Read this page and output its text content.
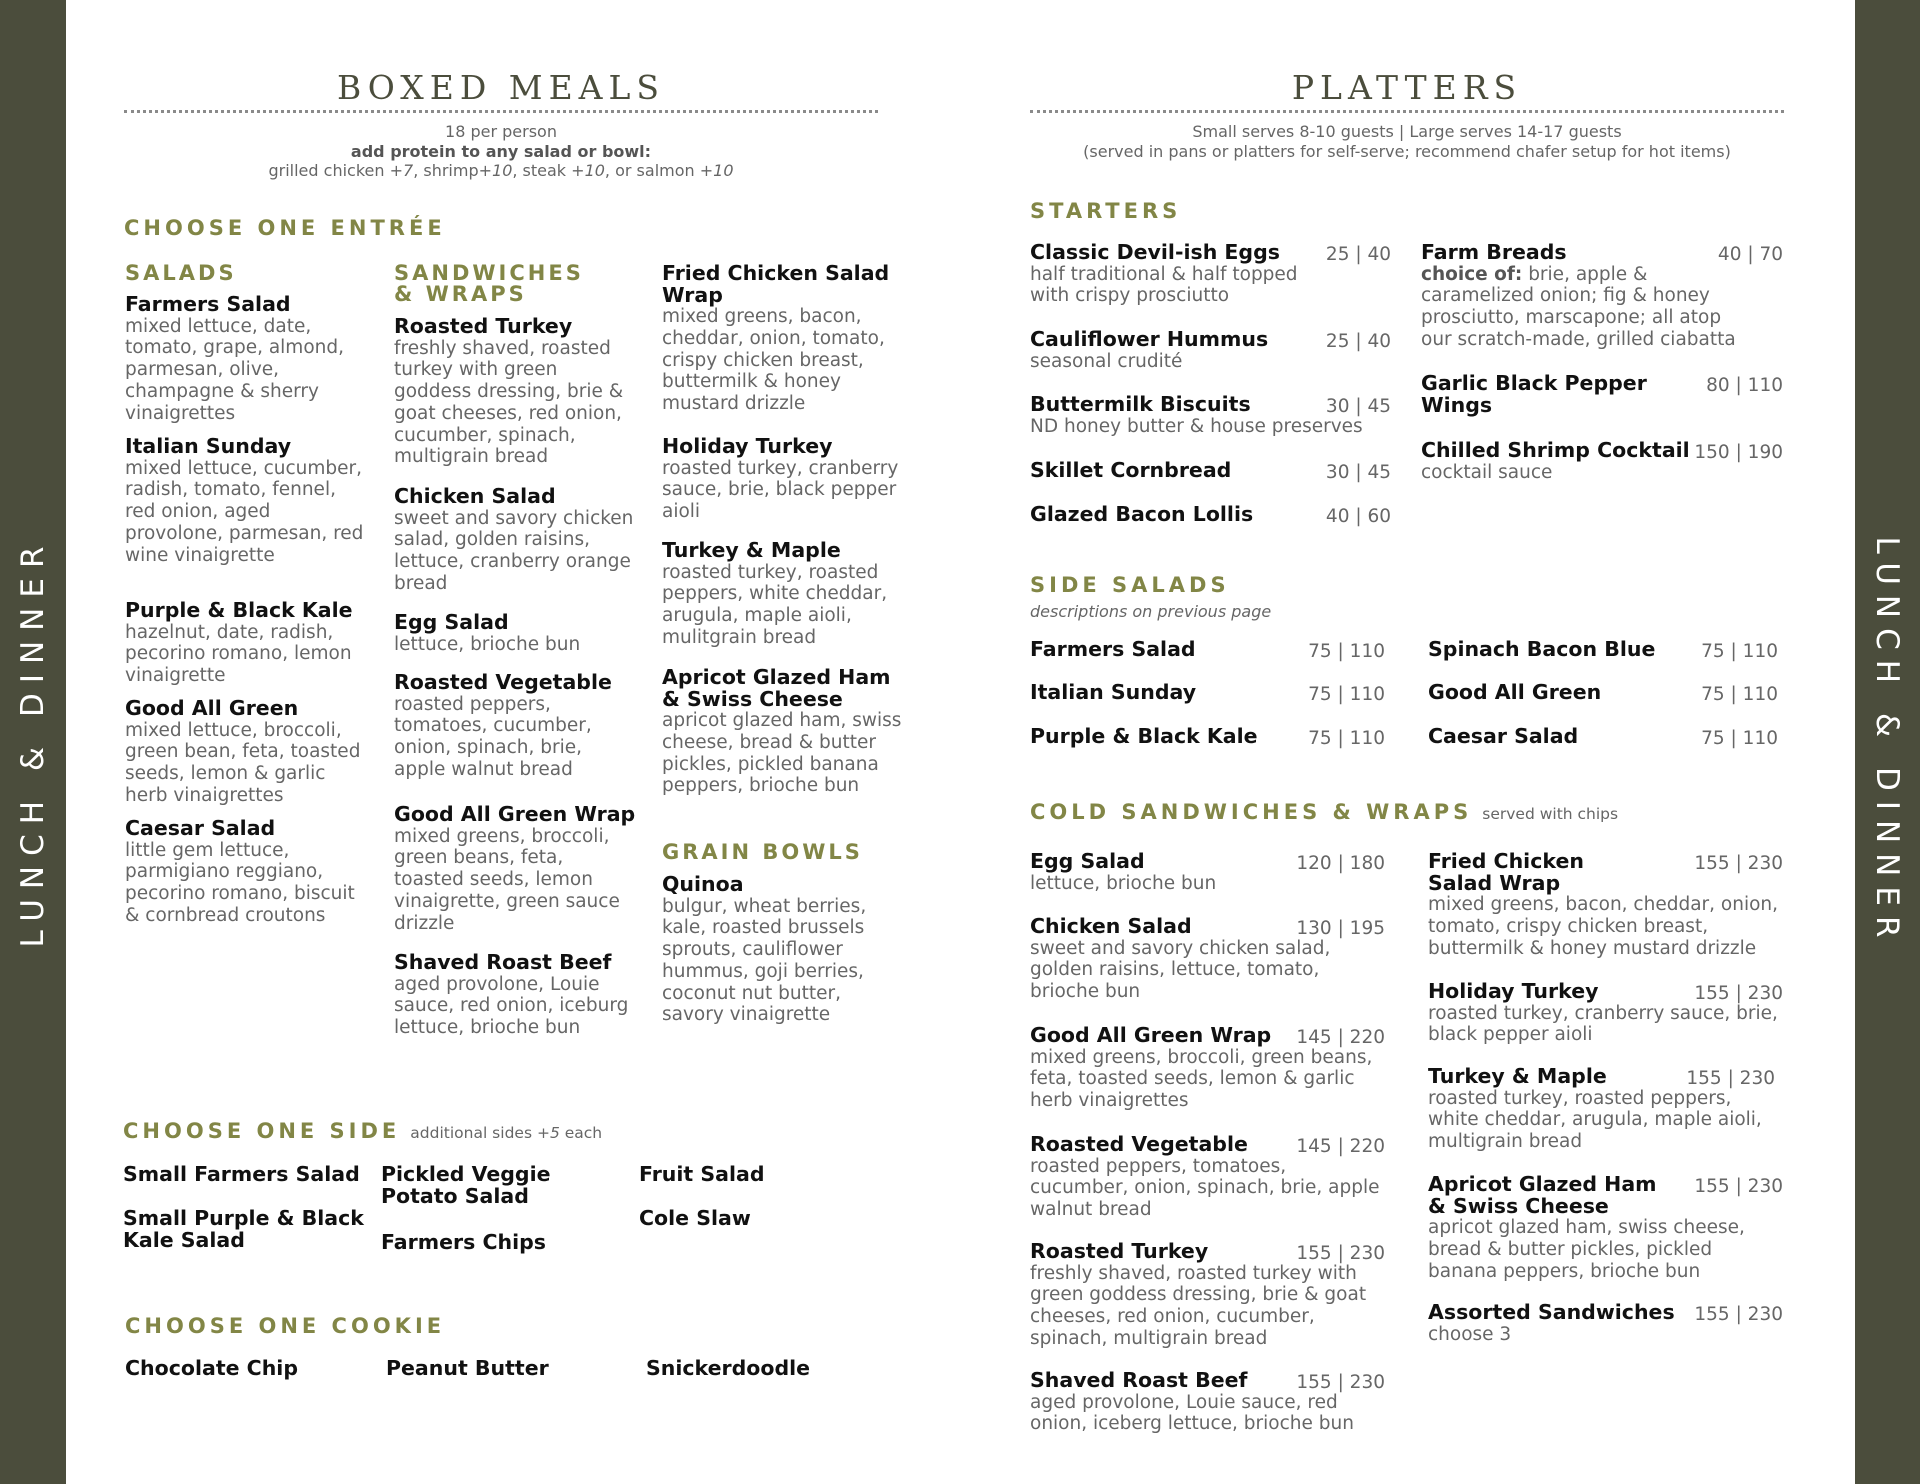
LUNCH & DINNER	LUNCH & DINNER
BOXED MEALS
18 per person
add protein to any salad or bowl:
grilled chicken +7, shrimp+10, steak +10, or salmon +10
CHOOSE ONE ENTRÉE
SALADS
Farmers Salad
mixed lettuce, date, tomato, grape, almond, parmesan, olive, champagne & sherry vinaigrettes
Italian Sunday
mixed lettuce, cucumber, radish, tomato, fennel, red onion, aged provolone, parmesan, red wine vinaigrette
Purple & Black Kale
hazelnut, date, radish, pecorino romano, lemon vinaigrette
Good All Green
mixed lettuce, broccoli, green bean, feta, toasted seeds, lemon & garlic herb vinaigrettes
Caesar Salad
little gem lettuce, parmigiano reggiano, pecorino romano, biscuit & cornbread croutons
SANDWICHES
& WRAPS
Roasted Turkey
freshly shaved, roasted turkey with green goddess dressing, brie & goat cheeses, red onion, cucumber, spinach, multigrain bread
Chicken Salad
sweet and savory chicken salad, golden raisins, lettuce, cranberry orange bread
Egg Salad
lettuce, brioche bun
Roasted Vegetable
roasted peppers, tomatoes, cucumber, onion, spinach, brie, apple walnut bread
Good All Green Wrap
mixed greens, broccoli, green beans, feta, toasted seeds, lemon vinaigrette, green sauce drizzle
Shaved Roast Beef
aged provolone, Louie sauce, red onion, iceburg lettuce, brioche bun
Fried Chicken Salad Wrap
mixed greens, bacon, cheddar, onion, tomato, crispy chicken breast, buttermilk & honey mustard drizzle
Holiday Turkey
roasted turkey, cranberry sauce, brie, black pepper aioli
Turkey & Maple
roasted turkey, roasted peppers, white cheddar, arugula, maple aioli, mulitgrain bread
Apricot Glazed Ham & Swiss Cheese
apricot glazed ham, swiss cheese, bread & butter pickles, pickled banana peppers, brioche bun
GRAIN BOWLS
Quinoa
bulgur, wheat berries, kale, roasted brussels sprouts, cauliflower hummus, goji berries, coconut nut butter, savory vinaigrette
CHOOSE ONE SIDE additional sides +5 each
Small Farmers Salad
Small Purple & Black Kale Salad
Pickled Veggie Potato Salad
Farmers Chips
Fruit Salad
Cole Slaw
CHOOSE ONE COOKIE
Chocolate Chip	Peanut Butter	Snickerdoodle
PLATTERS
Small serves 8-10 guests | Large serves 14-17 guests
(served in pans or platters for self-serve; recommend chafer setup for hot items)
STARTERS
Classic Devil-ish Eggs	25 | 40
half traditional & half topped with crispy prosciutto
Cauliflower Hummus	25 | 40
seasonal crudité
Buttermilk Biscuits	30 | 45
ND honey butter & house preserves
Skillet Cornbread	30 | 45
Glazed Bacon Lollis	40 | 60
Farm Breads	40 | 70
choice of: brie, apple & caramelized onion; fig & honey prosciutto, marscapone; all atop our scratch-made, grilled ciabatta
Garlic Black Pepper Wings
80 | 110
Chilled Shrimp Cocktail 150 | 190
cocktail sauce
SIDE SALADS
descriptions on previous page
Farmers Salad	75 | 110
Italian Sunday	75 | 110
Purple & Black Kale	75 | 110
Spinach Bacon Blue	75 | 110
Good All Green	75 | 110
Caesar Salad	75 | 110
COLD SANDWICHES & WRAPS served with chips
Egg Salad	120 | 180
lettuce, brioche bun
Chicken Salad	130 | 195
sweet and savory chicken salad, golden raisins, lettuce, tomato, brioche bun
Good All Green Wrap	145 | 220
mixed greens, broccoli, green beans, feta, toasted seeds, lemon & garlic herb vinaigrettes
Roasted Vegetable	145 | 220
roasted peppers, tomatoes, cucumber, onion, spinach, brie, apple walnut bread
Roasted Turkey	155 | 230
freshly shaved, roasted turkey with green goddess dressing, brie & goat cheeses, red onion, cucumber, spinach, multigrain bread
Shaved Roast Beef	155 | 230
aged provolone, Louie sauce, red onion, iceberg lettuce, brioche bun
Fried Chicken Salad Wrap
155 | 230
mixed greens, bacon, cheddar, onion, tomato, crispy chicken breast, buttermilk & honey mustard drizzle
Holiday Turkey	155 | 230
roasted turkey, cranberry sauce, brie, black pepper aioli
Turkey & Maple	155 | 230
roasted turkey, roasted peppers, white cheddar, arugula, maple aioli, multigrain bread
Apricot Glazed Ham & Swiss Cheese
155 | 230
apricot glazed ham, swiss cheese, bread & butter pickles, pickled banana peppers, brioche bun
Assorted Sandwiches	155 | 230
choose 3
